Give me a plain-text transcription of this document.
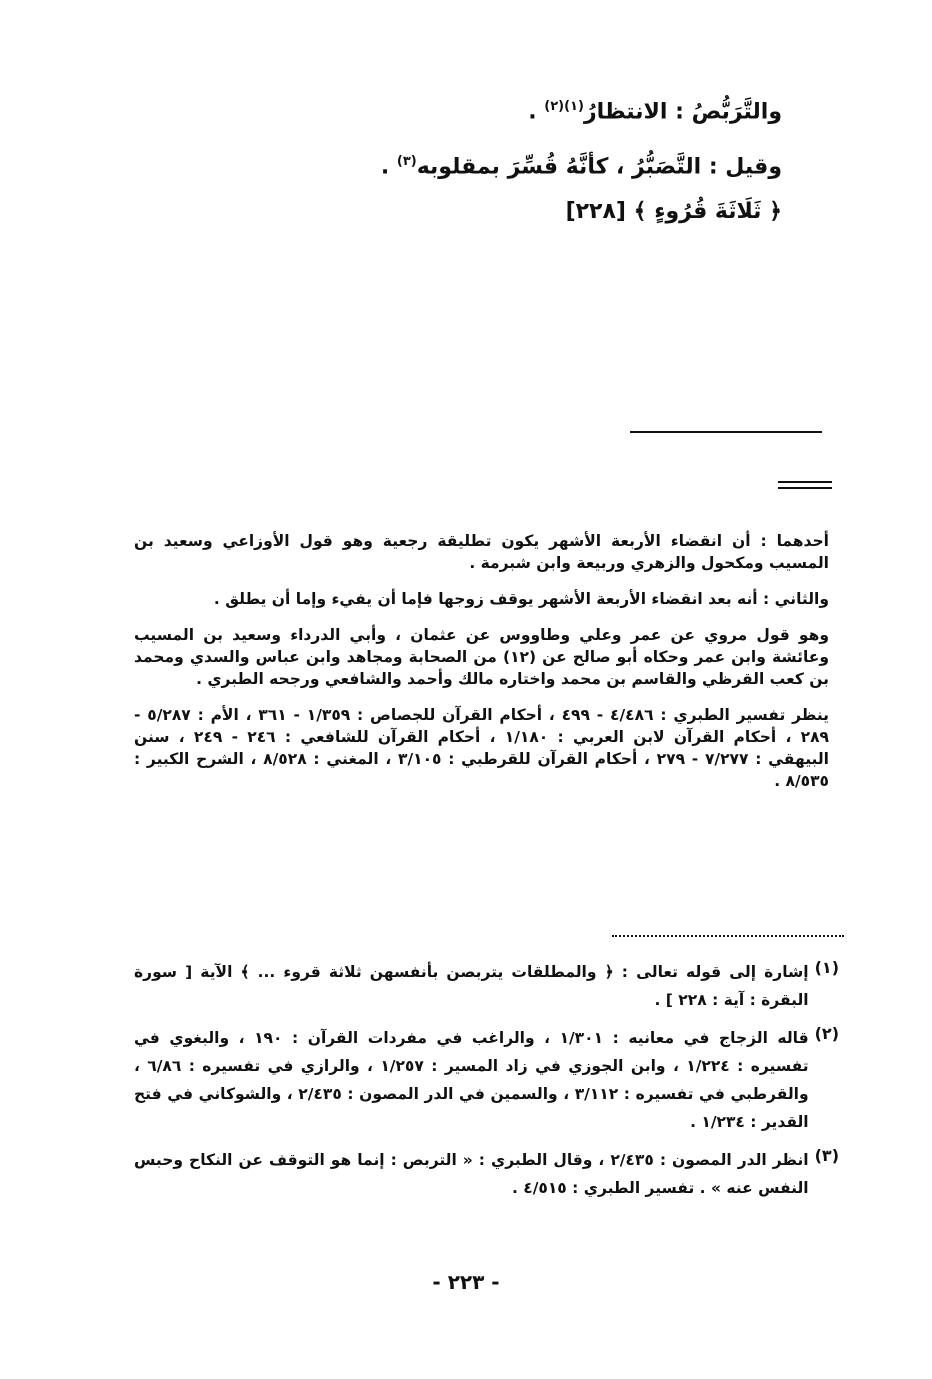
والتَّرَبُّصُ : الانتظارُ$^{(١)(٢)}$ .

وقيل : التَّصَبُّرُ ، كأنَّهُ قُسِّرَ بمقلوبه$^{(٣)}$ .

﴿ ثَلَاثَةَ قُرُوءٍ ﴾ [٢٢٨]

أحدهما : أن انقضاء الأربعة الأشهر يكون تطليقة رجعية وهو قول الأوزاعي وسعيد بن المسيب ومكحول والزهري وربيعة وابن شبرمة .

والثاني : أنه بعد انقضاء الأربعة الأشهر يوقف زوجها فإما أن يفيء وإما أن يطلق .

وهو قول مروي عن عمر وعلي وطاووس عن عثمان ، وأبي الدرداء وسعيد بن المسيب وعائشة وابن عمر وحكاه أبو صالح عن (١٢) من الصحابة ومجاهد وابن عباس والسدي ومحمد بن كعب القرظي والقاسم بن محمد واختاره مالك وأحمد والشافعي ورجحه الطبري .

ينظر تفسير الطبري : ٤/٤٨٦ - ٤٩٩ ، أحكام القرآن للجصاص : ١/٣٥٩ - ٣٦١ ، الأم : ٥/٢٨٧ - ٢٨٩ ، أحكام القرآن لابن العربي : ١/١٨٠ ، أحكام القرآن للشافعي : ٢٤٦ - ٢٤٩ ، سنن البيهقي : ٧/٢٧٧ - ٢٧٩ ، أحكام القرآن للقرطبي : ٣/١٠٥ ، المغني : ٨/٥٢٨ ، الشرح الكبير : ٨/٥٣٥ .

(١)
إشارة إلى قوله تعالى : ﴿ والمطلقات يتربصن بأنفسهن ثلاثة قروء ... ﴾ الآية [ سورة البقرة : آية : ٢٢٨ ] .
(٢)
قاله الزجاج في معانيه : ١/٣٠١ ، والراغب في مفردات القرآن : ١٩٠ ، والبغوي في تفسيره : ١/٢٢٤ ، وابن الجوزي في زاد المسير : ١/٢٥٧ ، والرازي في تفسيره : ٦/٨٦ ، والقرطبي في تفسيره : ٣/١١٢ ، والسمين في الدر المصون : ٢/٤٣٥ ، والشوكاني في فتح القدير : ١/٢٣٤ .
(٣)
انظر الدر المصون : ٢/٤٣٥ ، وقال الطبري : « التربص : إنما هو التوقف عن النكاح وحبس النفس عنه » . تفسير الطبري : ٤/٥١٥ .
- ٢٢٣ -
